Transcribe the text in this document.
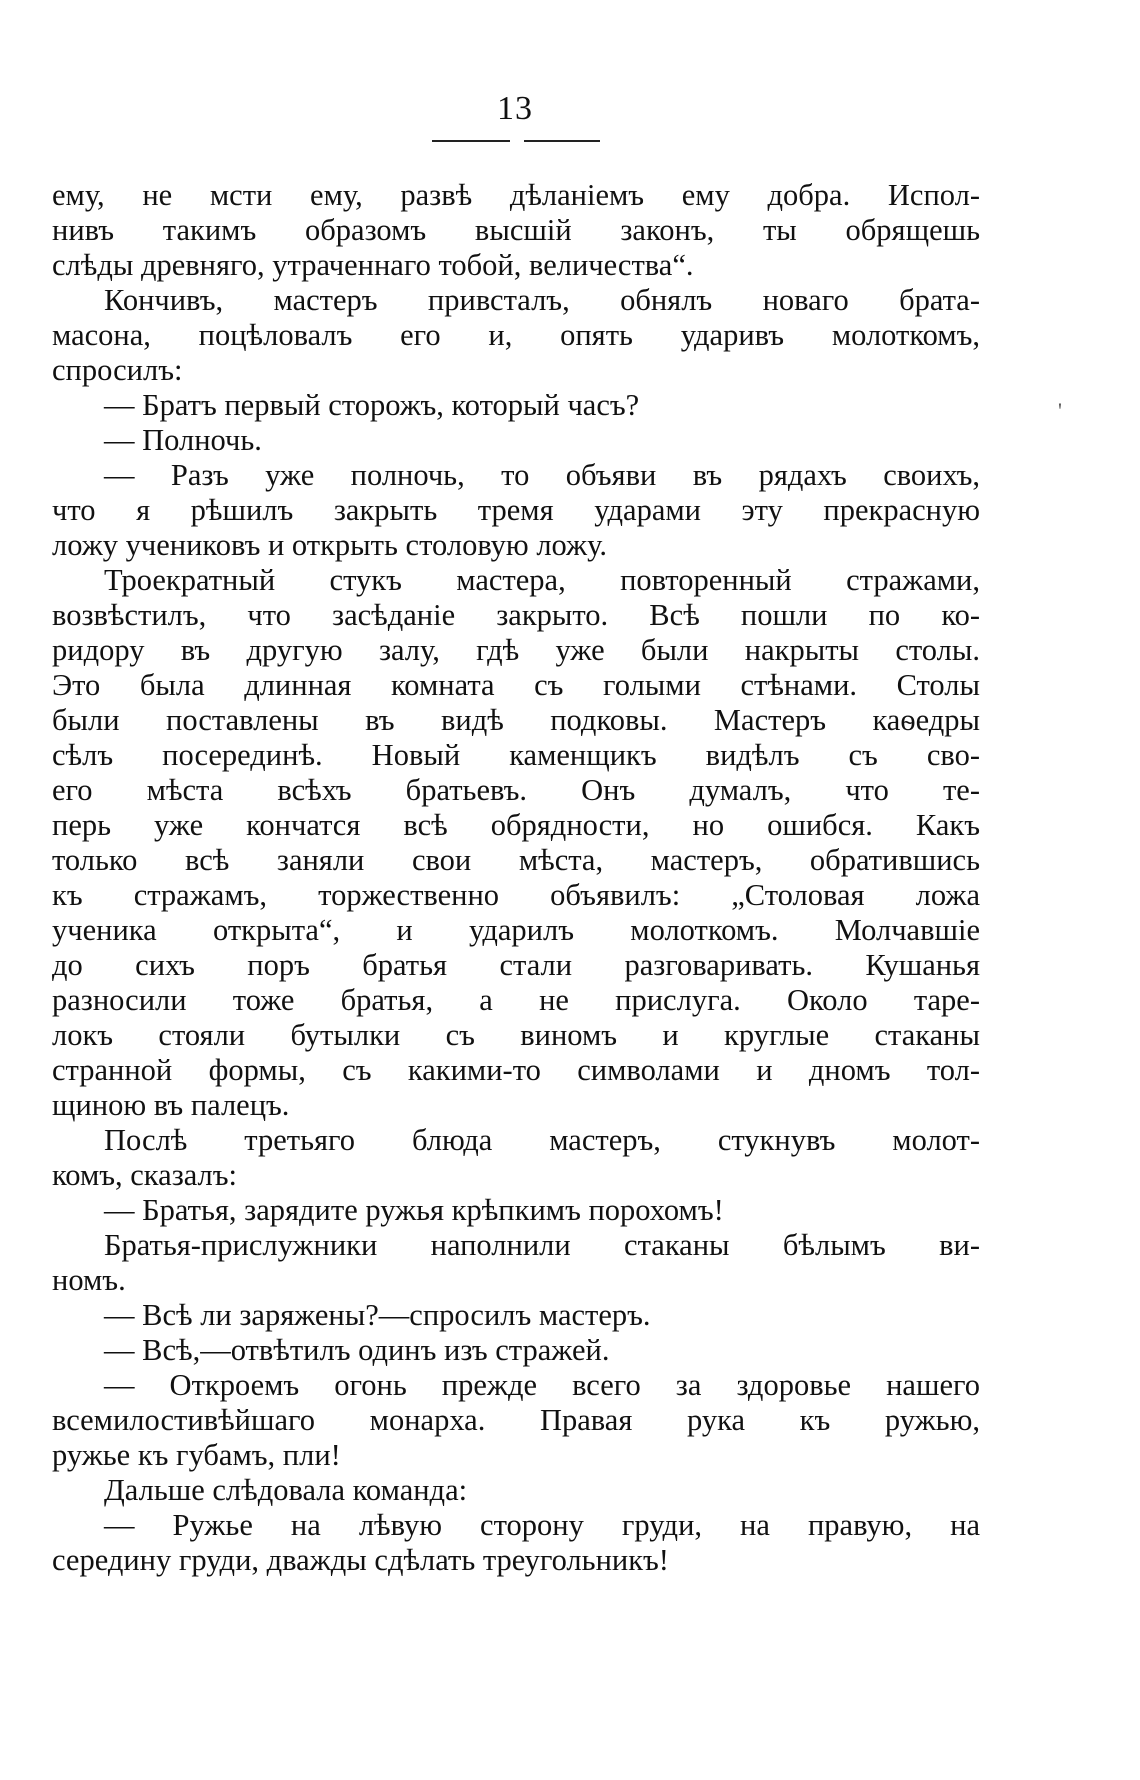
13
'
ему, не мсти ему, развѣ дѣланіемъ ему добра. Испол-
нивъ такимъ образомъ высшій законъ, ты обрящешь
слѣды древняго, утраченнаго тобой, величества“.
Кончивъ, мастеръ привсталъ, обнялъ новаго брата-
масона, поцѣловалъ его и, опять ударивъ молоткомъ,
спросилъ:
— Братъ первый сторожъ, который часъ?
— Полночь.
— Разъ уже полночь, то объяви въ рядахъ своихъ,
что я рѣшилъ закрыть тремя ударами эту прекрасную
ложу учениковъ и открыть столовую ложу.
Троекратный стукъ мастера, повторенный стражами,
возвѣстилъ, что засѣданіе закрыто. Всѣ пошли по ко-
ридору въ другую залу, гдѣ уже были накрыты столы.
Это была длинная комната съ голыми стѣнами. Столы
были поставлены въ видѣ подковы. Мастеръ каѳедры
сѣлъ посерединѣ. Новый каменщикъ видѣлъ съ сво-
его мѣста всѣхъ братьевъ. Онъ думалъ, что те-
перь уже кончатся всѣ обрядности, но ошибся. Какъ
только всѣ заняли свои мѣста, мастеръ, обратившись
къ стражамъ, торжественно объявилъ: „Столовая ложа
ученика открыта“, и ударилъ молоткомъ. Молчавшіе
до сихъ поръ братья стали разговаривать. Кушанья
разносили тоже братья, а не прислуга. Около таре-
локъ стояли бутылки съ виномъ и круглые стаканы
странной формы, съ какими-то символами и дномъ тол-
щиною въ палецъ.
Послѣ третьяго блюда мастеръ, стукнувъ молот-
комъ, сказалъ:
— Братья, зарядите ружья крѣпкимъ порохомъ!
Братья-прислужники наполнили стаканы бѣлымъ ви-
номъ.
— Всѣ ли заряжены?—спросилъ мастеръ.
— Всѣ,—отвѣтилъ одинъ изъ стражей.
— Откроемъ огонь прежде всего за здоровье нашего
всемилостивѣйшаго монарха. Правая рука къ ружью,
ружье къ губамъ, пли!
Дальше слѣдовала команда:
— Ружье на лѣвую сторону груди, на правую, на
середину груди, дважды сдѣлать треугольникъ!
